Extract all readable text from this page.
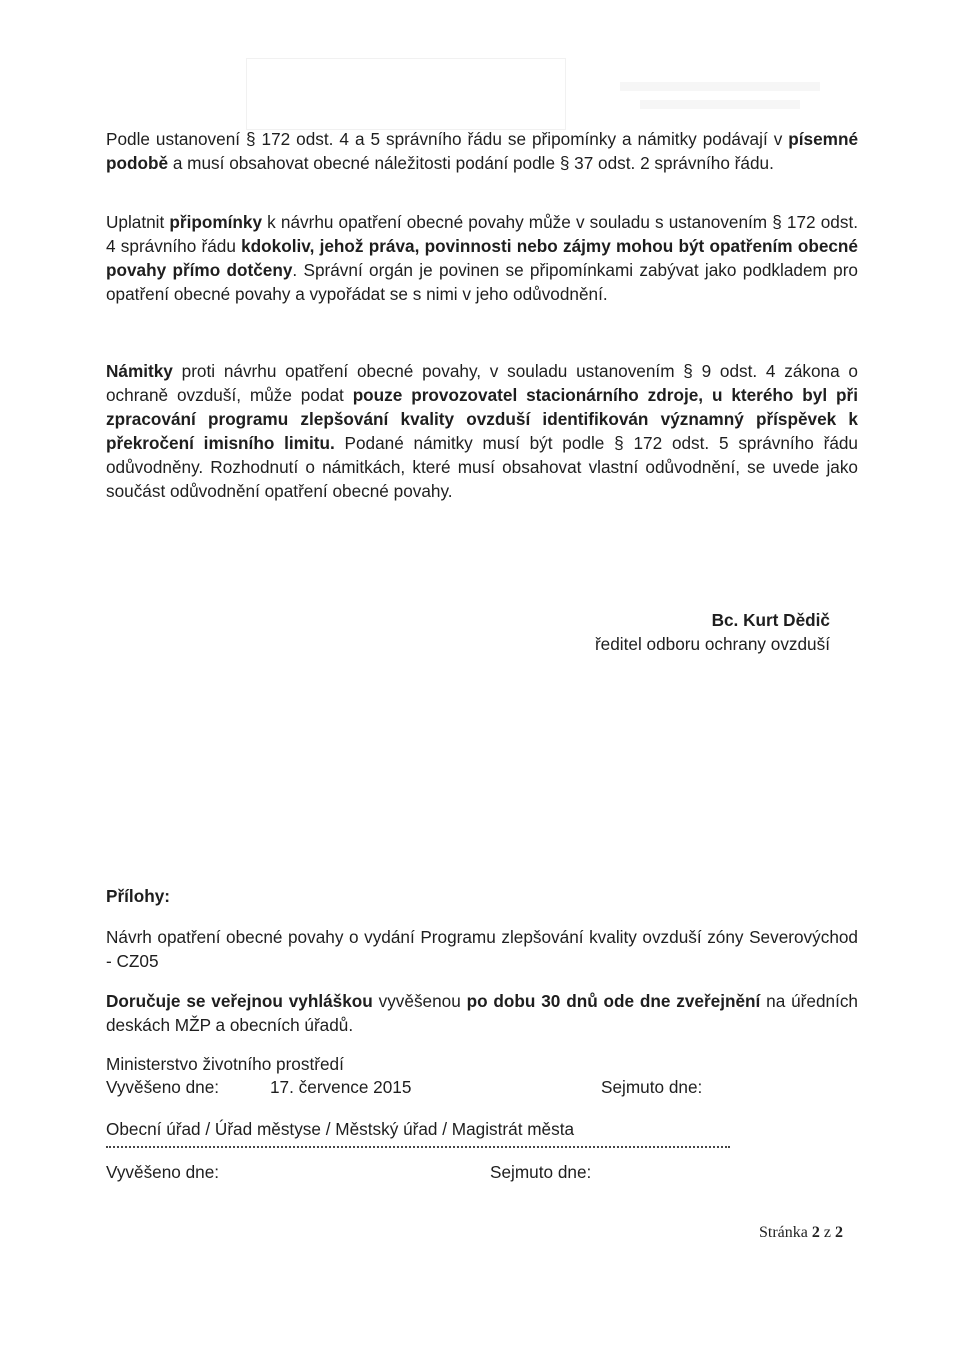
Podle ustanovení § 172 odst. 4 a 5 správního řádu se připomínky a námitky podávají v písemné podobě a musí obsahovat obecné náležitosti podání podle § 37 odst. 2 správního řádu.
Uplatnit připomínky k návrhu opatření obecné povahy může v souladu s ustanovením § 172 odst. 4 správního řádu kdokoliv, jehož práva, povinnosti nebo zájmy mohou být opatřením obecné povahy přímo dotčeny. Správní orgán je povinen se připomínkami zabývat jako podkladem pro opatření obecné povahy a vypořádat se s nimi v jeho odůvodnění.
Námitky proti návrhu opatření obecné povahy, v souladu ustanovením § 9 odst. 4 zákona o ochraně ovzduší, může podat pouze provozovatel stacionárního zdroje, u kterého byl při zpracování programu zlepšování kvality ovzduší identifikován významný příspěvek k překročení imisního limitu. Podané námitky musí být podle § 172 odst. 5 správního řádu odůvodněny. Rozhodnutí o námitkách, které musí obsahovat vlastní odůvodnění, se uvede jako součást odůvodnění opatření obecné povahy.
Bc. Kurt Dědič
ředitel odboru ochrany ovzduší
Přílohy:
Návrh opatření obecné povahy o vydání Programu zlepšování kvality ovzduší zóny Severovýchod - CZ05
Doručuje se veřejnou vyhláškou vyvěšenou po dobu 30 dnů ode dne zveřejnění na úředních deskách MŽP a obecních úřadů.
Ministerstvo životního prostředí
Vyvěšeno dne:	17. července 2015	Sejmuto dne:
Obecní úřad / Úřad městyse / Městský úřad / Magistrát města
Vyvěšeno dne:	Sejmuto dne:
Stránka 2 z 2
